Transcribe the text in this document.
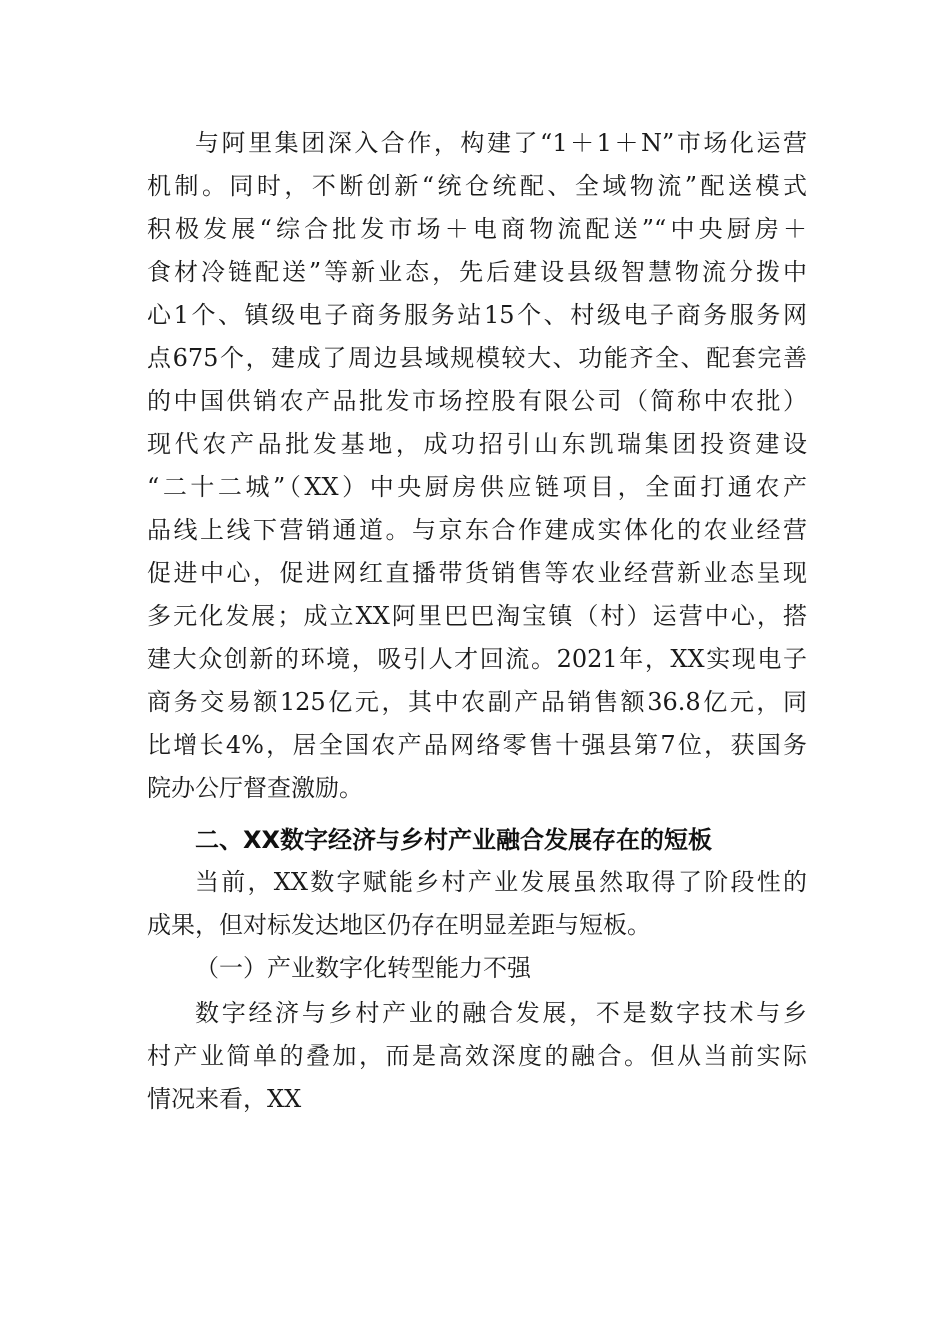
与阿里集团深入合作，构建了“1＋1＋N”市场化运营
机制。同时，不断创新“统仓统配、全域物流”配送模式
积极发展“综合批发市场＋电商物流配送”“中央厨房＋
食材冷链配送”等新业态，先后建设县级智慧物流分拨中
心1个、镇级电子商务服务站15个、村级电子商务服务网
点675个，建成了周边县域规模较大、功能齐全、配套完善
的中国供销农产品批发市场控股有限公司（简称中农批）
现代农产品批发基地，成功招引山东凯瑞集团投资建设
“二十二城”（XX）中央厨房供应链项目，全面打通农产
品线上线下营销通道。与京东合作建成实体化的农业经营
促进中心，促进网红直播带货销售等农业经营新业态呈现
多元化发展；成立XX阿里巴巴淘宝镇（村）运营中心，搭
建大众创新的环境，吸引人才回流。2021年，XX实现电子
商务交易额125亿元，其中农副产品销售额36.8亿元，同
比增长4%，居全国农产品网络零售十强县第7位，获国务
院办公厅督查激励。
二、XX数字经济与乡村产业融合发展存在的短板
当前，XX数字赋能乡村产业发展虽然取得了阶段性的
成果，但对标发达地区仍存在明显差距与短板。
（一）产业数字化转型能力不强
数字经济与乡村产业的融合发展，不是数字技术与乡
村产业简单的叠加，而是高效深度的融合。但从当前实际
情况来看，XX
